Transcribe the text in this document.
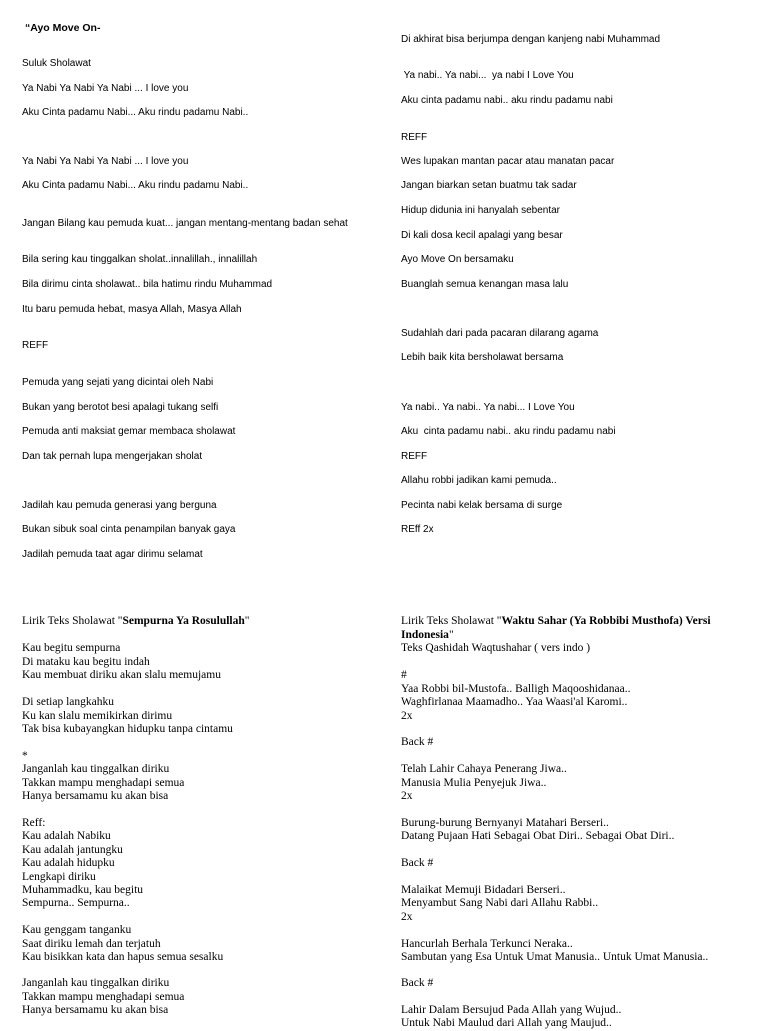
“Ayo Move On-
Suluk Sholawat
Ya Nabi Ya Nabi Ya Nabi ... I love you
Aku Cinta padamu Nabi... Aku rindu padamu Nabi..
Ya Nabi Ya Nabi Ya Nabi ... I love you
Aku Cinta padamu Nabi... Aku rindu padamu Nabi..
Jangan Bilang kau pemuda kuat... jangan mentang-mentang badan sehat
Bila sering kau tinggalkan sholat..innalillah., innalillah
Bila dirimu cinta sholawat.. bila hatimu rindu Muhammad
Itu baru pemuda hebat, masya Allah, Masya Allah
REFF
Pemuda yang sejati yang dicintai oleh Nabi
Bukan yang berotot besi apalagi tukang selfi
Pemuda anti maksiat gemar membaca sholawat
Dan tak pernah lupa mengerjakan sholat
Jadilah kau pemuda generasi yang berguna
Bukan sibuk soal cinta penampilan banyak gaya
Jadilah pemuda taat agar dirimu selamat
Di akhirat bisa berjumpa dengan kanjeng nabi Muhammad
Ya nabi.. Ya nabi...  ya nabi I Love You
Aku cinta padamu nabi.. aku rindu padamu nabi
REFF
Wes lupakan mantan pacar atau manatan pacar
Jangan biarkan setan buatmu tak sadar
Hidup didunia ini hanyalah sebentar
Di kali dosa kecil apalagi yang besar
Ayo Move On bersamaku
Buanglah semua kenangan masa lalu
Sudahlah dari pada pacaran dilarang agama
Lebih baik kita bersholawat bersama
Ya nabi.. Ya nabi.. Ya nabi... I Love You
Aku  cinta padamu nabi.. aku rindu padamu nabi
REFF
Allahu robbi jadikan kami pemuda..
Pecinta nabi kelak bersama di surge
REff 2x
Lirik Teks Sholawat "Sempurna Ya Rosulullah"
Kau begitu sempurna
Di mataku kau begitu indah
Kau membuat diriku akan slalu memujamu
Di setiap langkahku
Ku kan slalu memikirkan dirimu
Tak bisa kubayangkan hidupku tanpa cintamu
*
Janganlah kau tinggalkan diriku
Takkan mampu menghadapi semua
Hanya bersamamu ku akan bisa
Reff:
Kau adalah Nabiku
Kau adalah jantungku
Kau adalah hidupku
Lengkapi diriku
Muhammadku, kau begitu
Sempurna.. Sempurna..
Kau genggam tanganku
Saat diriku lemah dan terjatuh
Kau bisikkan kata dan hapus semua sesalku
Janganlah kau tinggalkan diriku
Takkan mampu menghadapi semua
Hanya bersamamu ku akan bisa
Lirik Teks Sholawat "Waktu Sahar (Ya Robbibi Musthofa) Versi Indonesia"
Teks Qashidah Waqtushahar ( vers indo )
#
Yaa Robbi bil-Mustofa.. Balligh Maqooshidanaa..
Waghfirlanaa Maamadho.. Yaa Waasi'al Karomi..
2x
Back #
Telah Lahir Cahaya Penerang Jiwa..
Manusia Mulia Penyejuk Jiwa..
2x
Burung-burung Bernyanyi Matahari Berseri..
Datang Pujaan Hati Sebagai Obat Diri.. Sebagai Obat Diri..
Back #
Malaikat Memuji Bidadari Berseri..
Menyambut Sang Nabi dari Allahu Rabbi..
2x
Hancurlah Berhala Terkunci Neraka..
Sambutan yang Esa Untuk Umat Manusia.. Untuk Umat Manusia..
Back #
Lahir Dalam Bersujud Pada Allah yang Wujud..
Untuk Nabi Maulud dari Allah yang Maujud..
